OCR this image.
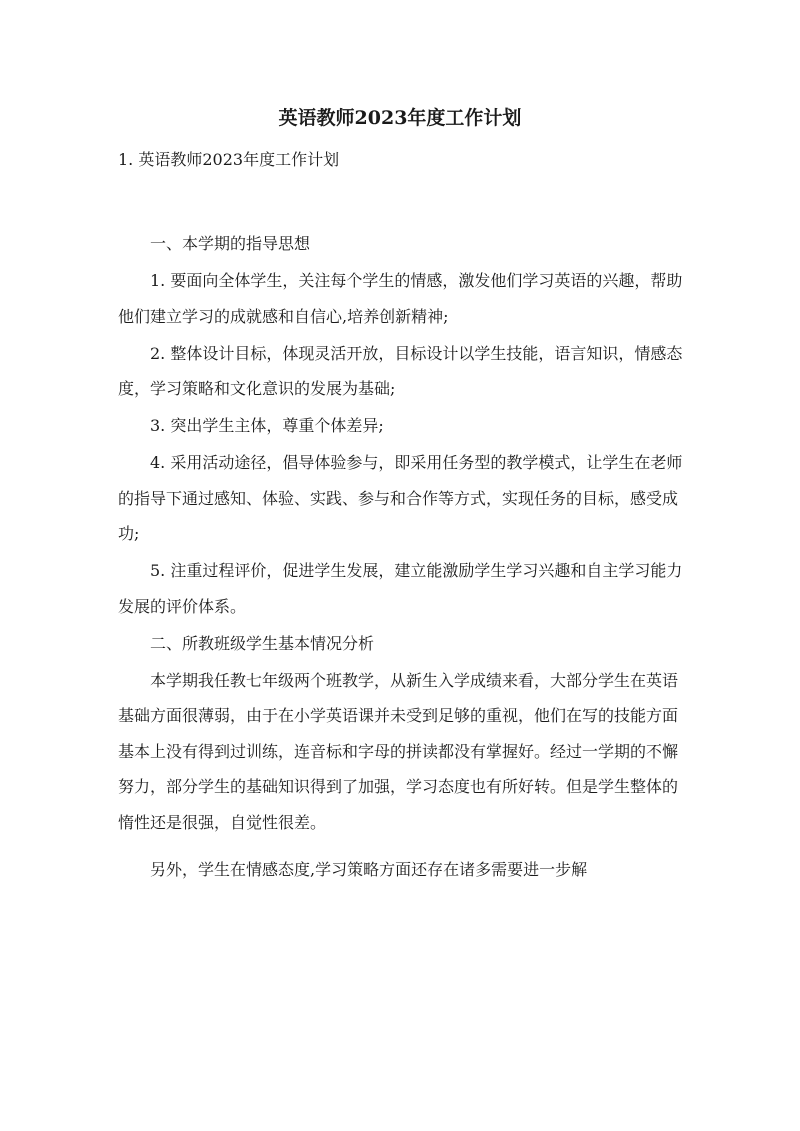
英语教师2023年度工作计划

1. 英语教师2023年度工作计划

一、本学期的指导思想

1. 要面向全体学生，关注每个学生的情感，激发他们学习英语的兴趣，帮助他们建立学习的成就感和自信心,培养创新精神;

2. 整体设计目标，体现灵活开放，目标设计以学生技能，语言知识，情感态度，学习策略和文化意识的发展为基础;

3. 突出学生主体，尊重个体差异;

4. 采用活动途径，倡导体验参与，即采用任务型的教学模式，让学生在老师的指导下通过感知、体验、实践、参与和合作等方式，实现任务的目标，感受成功;

5. 注重过程评价，促进学生发展，建立能激励学生学习兴趣和自主学习能力发展的评价体系。

二、所教班级学生基本情况分析

本学期我任教七年级两个班教学，从新生入学成绩来看，大部分学生在英语基础方面很薄弱，由于在小学英语课并未受到足够的重视，他们在写的技能方面基本上没有得到过训练，连音标和字母的拼读都没有掌握好。经过一学期的不懈努力，部分学生的基础知识得到了加强，学习态度也有所好转。但是学生整体的惰性还是很强，自觉性很差。

另外，学生在情感态度,学习策略方面还存在诸多需要进一步解
